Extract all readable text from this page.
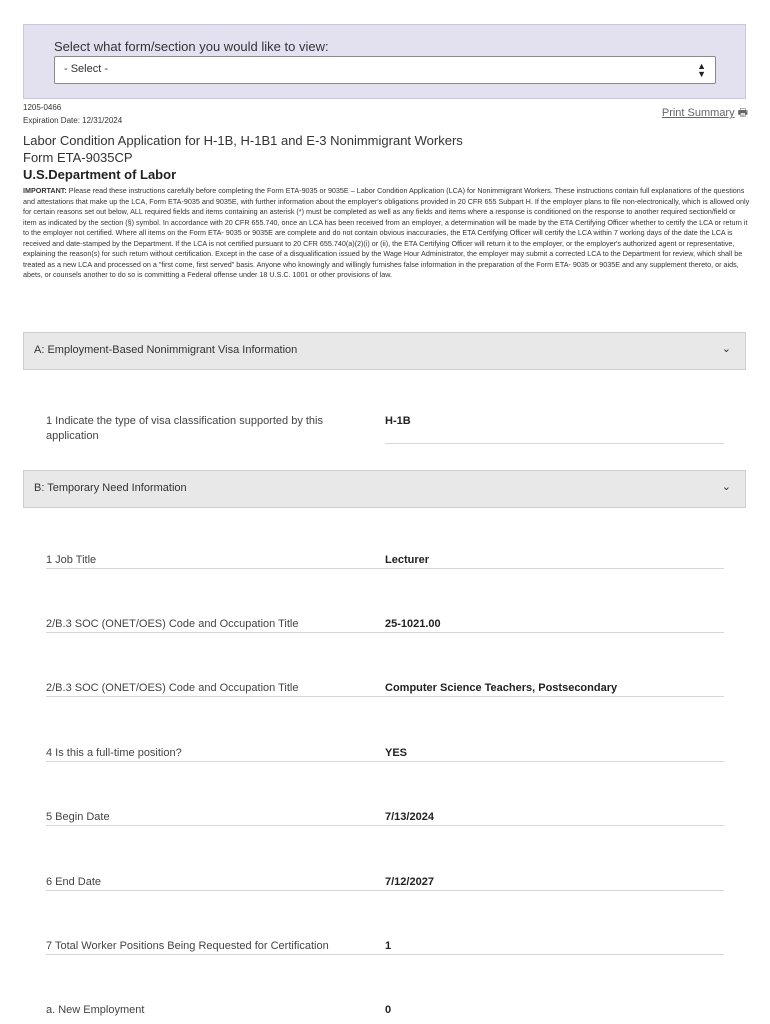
Select what form/section you would like to view:
- Select -	▲
▼
1205-0466
Expiration Date: 12/31/2024
Print Summary 🖶
Labor Condition Application for H-1B, H-1B1 and E-3 Nonimmigrant Workers
Form ETA-9035CP
U.S.Department of Labor
IMPORTANT: Please read these instructions carefully before completing the Form ETA-9035 or 9035E – Labor Condition Application (LCA) for Nonimmigrant Workers. These instructions contain full explanations of the questions and attestations that make up the LCA, Form ETA-9035 and 9035E, with further information about the employer's obligations provided in 20 CFR 655 Subpart H. If the employer plans to file non-electronically, which is allowed only for certain reasons set out below, ALL required fields and items containing an asterisk (*) must be completed as well as any fields and items where a response is conditioned on the response to another required section/field or item as indicated by the section (§) symbol. In accordance with 20 CFR 655.740, once an LCA has been received from an employer, a determination will be made by the ETA Certifying Officer whether to certify the LCA or return it to the employer not certified. Where all items on the Form ETA- 9035 or 9035E are complete and do not contain obvious inaccuracies, the ETA Certifying Officer will certify the LCA within 7 working days of the date the LCA is received and date-stamped by the Department. If the LCA is not certified pursuant to 20 CFR 655.740(a)(2)(i) or (ii), the ETA Certifying Officer will return it to the employer, or the employer's authorized agent or representative, explaining the reason(s) for such return without certification. Except in the case of a disqualification issued by the Wage Hour Administrator, the employer may submit a corrected LCA to the Department for review, which shall be treated as a new LCA and processed on a "first come, first served" basis. Anyone who knowingly and willingly furnishes false information in the preparation of the Form ETA- 9035 or 9035E and any supplement thereto, or aids, abets, or counsels another to do so is committing a Federal offense under 18 U.S.C. 1001 or other provisions of law.
A: Employment-Based Nonimmigrant Visa Information	⌄
1 Indicate the type of visa classification supported by this application
H-1B
B: Temporary Need Information	⌄
1 Job Title	Lecturer
2/B.3 SOC (ONET/OES) Code and Occupation Title	25-1021.00
2/B.3 SOC (ONET/OES) Code and Occupation Title	Computer Science Teachers, Postsecondary
4 Is this a full-time position?	YES
5 Begin Date	7/13/2024
6 End Date	7/12/2027
7 Total Worker Positions Being Requested for Certification	1
a. New Employment	0
